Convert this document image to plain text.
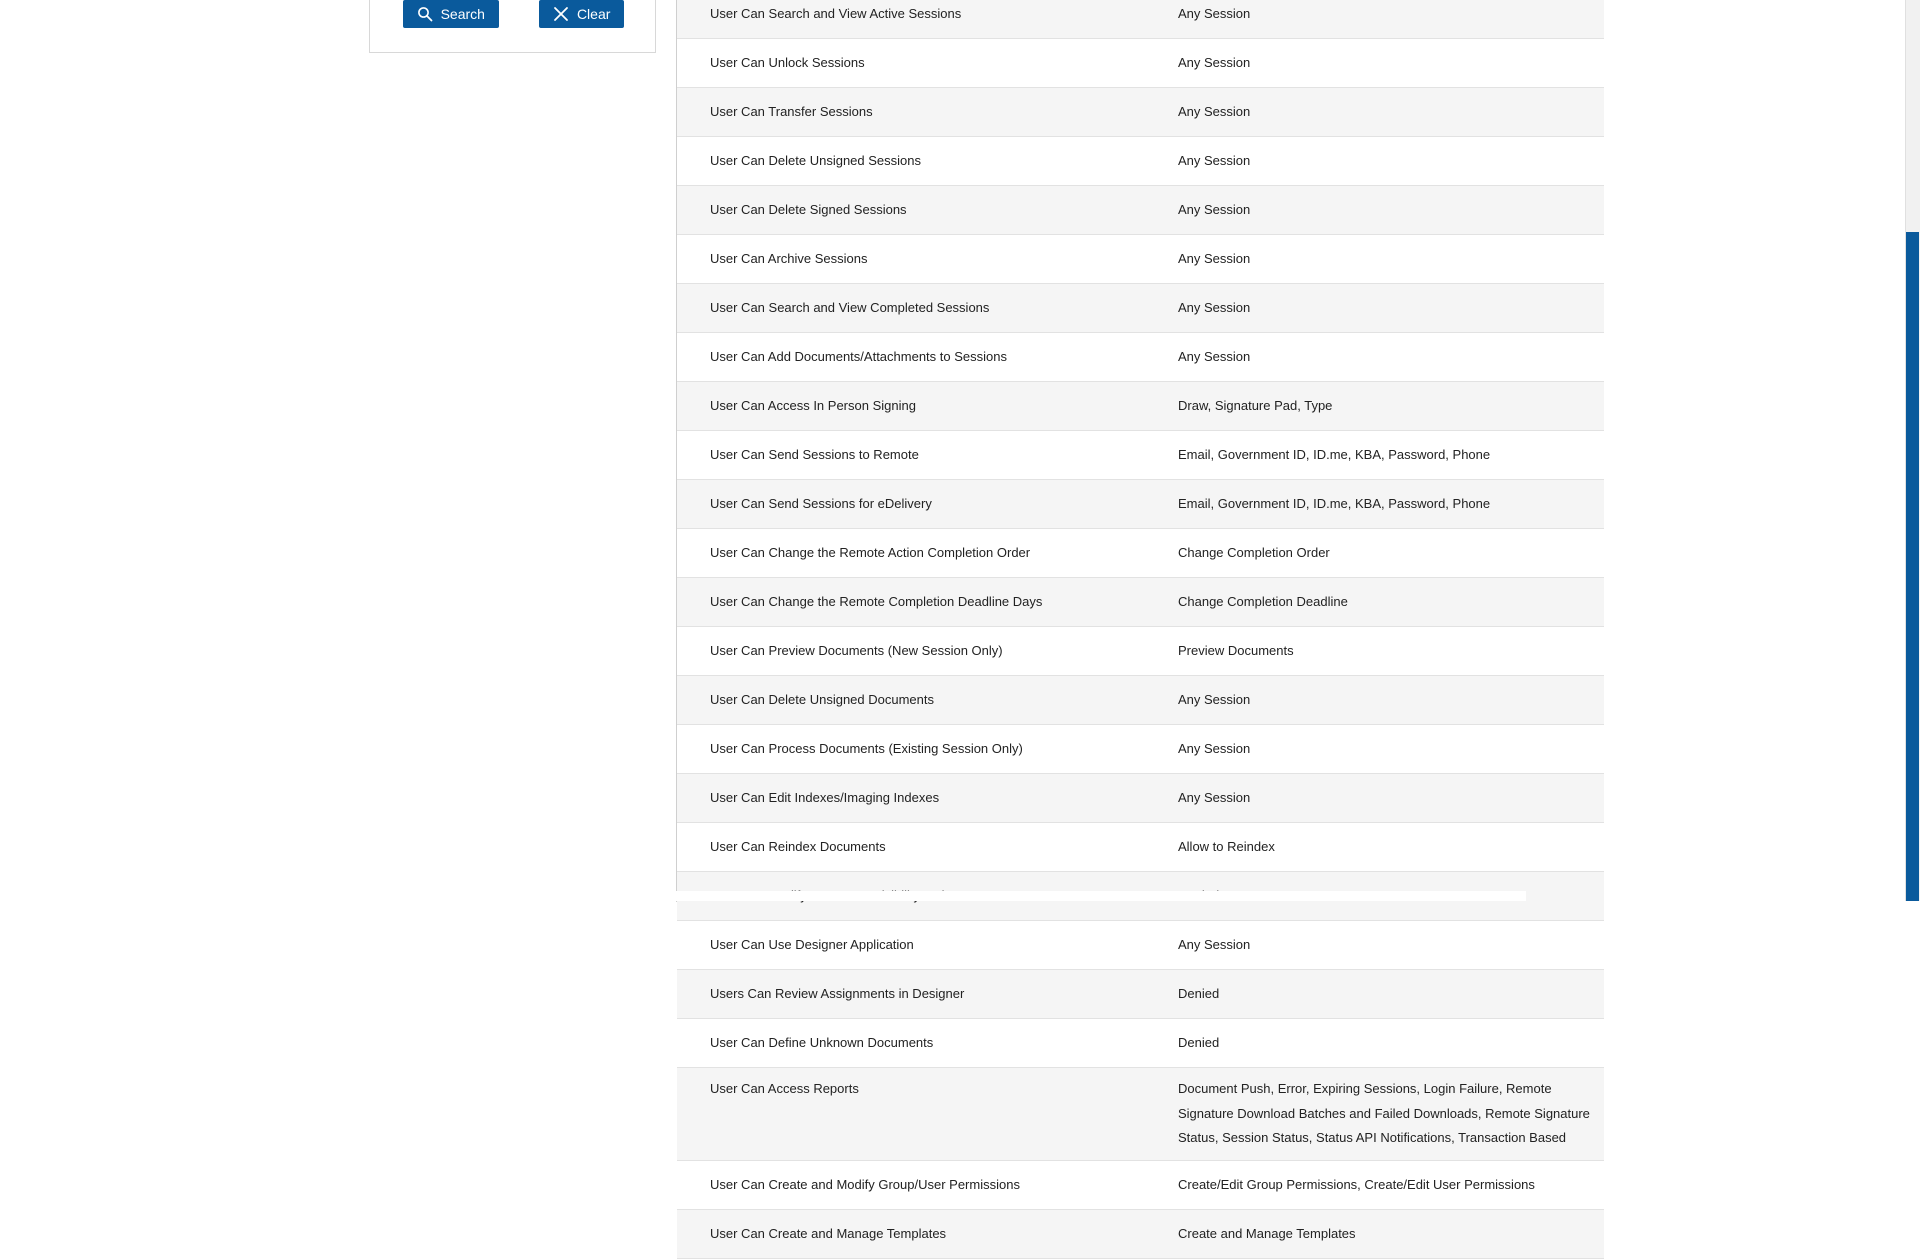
Search	Clear	User Can Search and View Active Sessions	Any Session
User Can Unlock Sessions	Any Session
User Can Transfer Sessions	Any Session
User Can Delete Unsigned Sessions	Any Session
User Can Delete Signed Sessions	Any Session
User Can Archive Sessions	Any Session
User Can Search and View Completed Sessions	Any Session
User Can Add Documents/Attachments to Sessions	Any Session
User Can Access In Person Signing	Draw, Signature Pad, Type
User Can Send Sessions to Remote	Email, Government ID, ID.me, KBA, Password, Phone
User Can Send Sessions for eDelivery	Email, Government ID, ID.me, KBA, Password, Phone
User Can Change the Remote Action Completion Order	Change Completion Order
User Can Change the Remote Completion Deadline Days	Change Completion Deadline
User Can Preview Documents (New Session Only)	Preview Documents
User Can Delete Unsigned Documents	Any Session
User Can Process Documents (Existing Session Only)	Any Session
User Can Edit Indexes/Imaging Indexes	Any Session
User Can Reindex Documents	Allow to Reindex

User Can Use Designer Application	Any Session
Users Can Review Assignments in Designer	Denied
User Can Define Unknown Documents	Denied
User Can Access Reports	Document Push, Error, Expiring Sessions, Login Failure, Remote Signature Download Batches and Failed Downloads, Remote Signature Status, Session Status, Status API Notifications, Transaction Based
User Can Create and Modify Group/User Permissions	Create/Edit Group Permissions, Create/Edit User Permissions
User Can Create and Manage Templates	Create and Manage Templates
